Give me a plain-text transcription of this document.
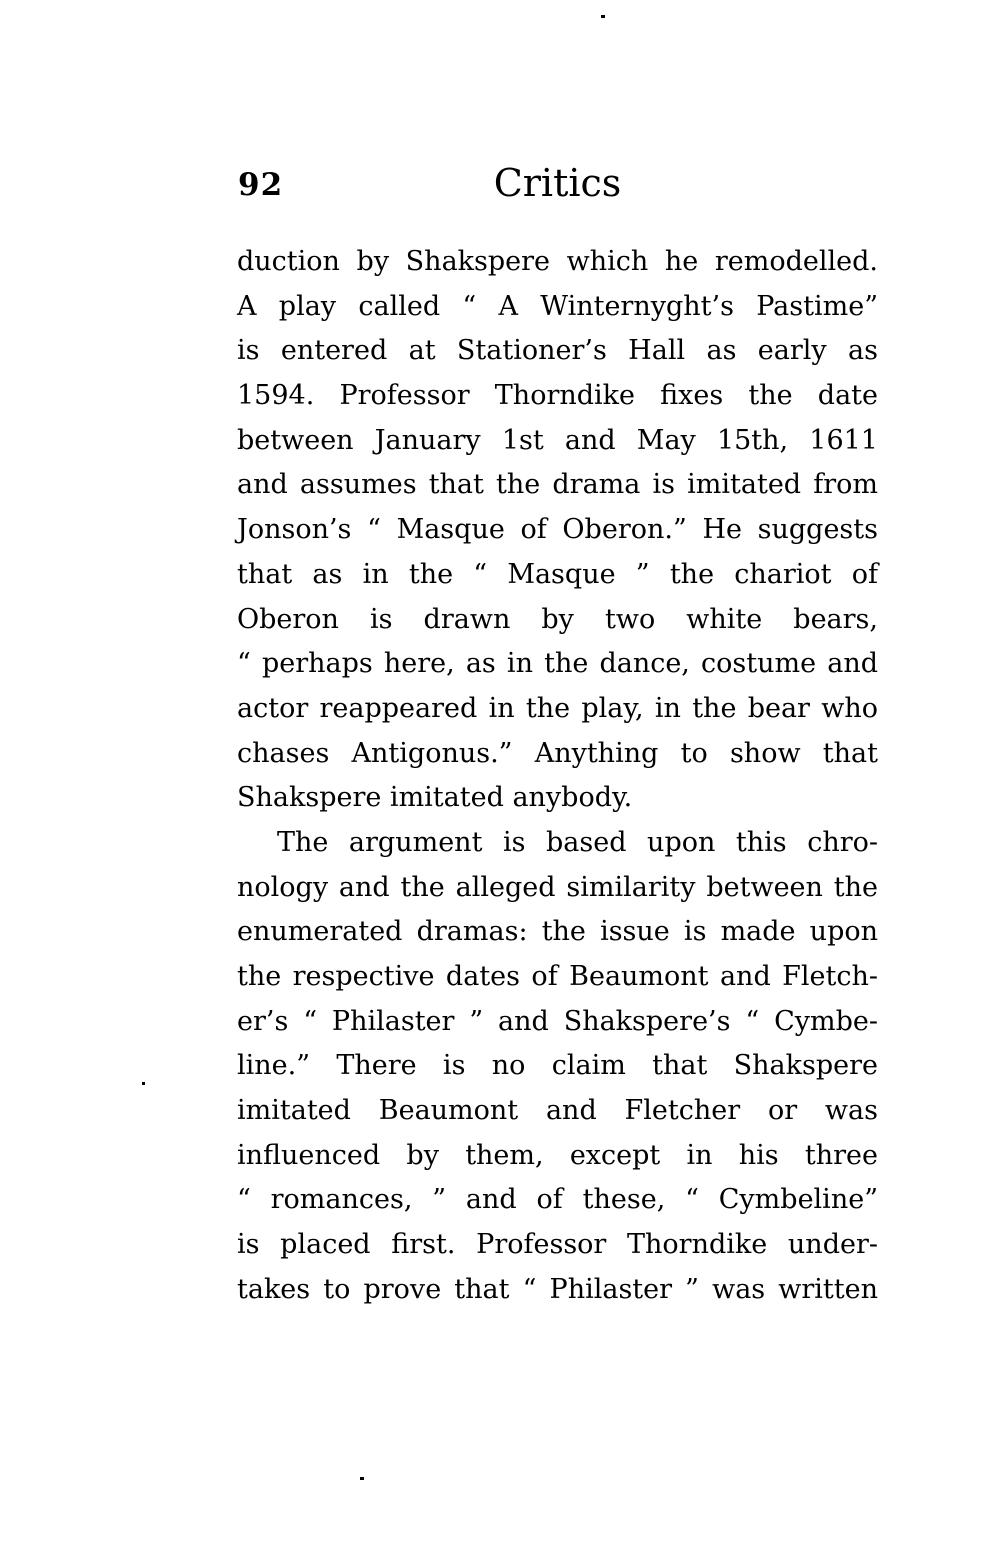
92	Critics
duction by Shakspere which he remodelled.
A play called “ A Winternyght’s Pastime”
is entered at Stationer’s Hall as early as
1594. Professor Thorndike fixes the date
between January 1st and May 15th, 1611
and assumes that the drama is imitated from
Jonson’s “ Masque of Oberon.” He suggests
that as in the “ Masque ” the chariot of
Oberon is drawn by two white bears,
“ perhaps here, as in the dance, costume and
actor reappeared in the play, in the bear who
chases Antigonus.” Anything to show that
Shakspere imitated anybody.
The argument is based upon this chro-
nology and the alleged similarity between the
enumerated dramas: the issue is made upon
the respective dates of Beaumont and Fletch-
er’s “ Philaster ” and Shakspere’s “ Cymbe-
line.” There is no claim that Shakspere
imitated Beaumont and Fletcher or was
influenced by them, except in his three
“ romances, ” and of these, “ Cymbeline”
is placed first. Professor Thorndike under-
takes to prove that “ Philaster ” was written
